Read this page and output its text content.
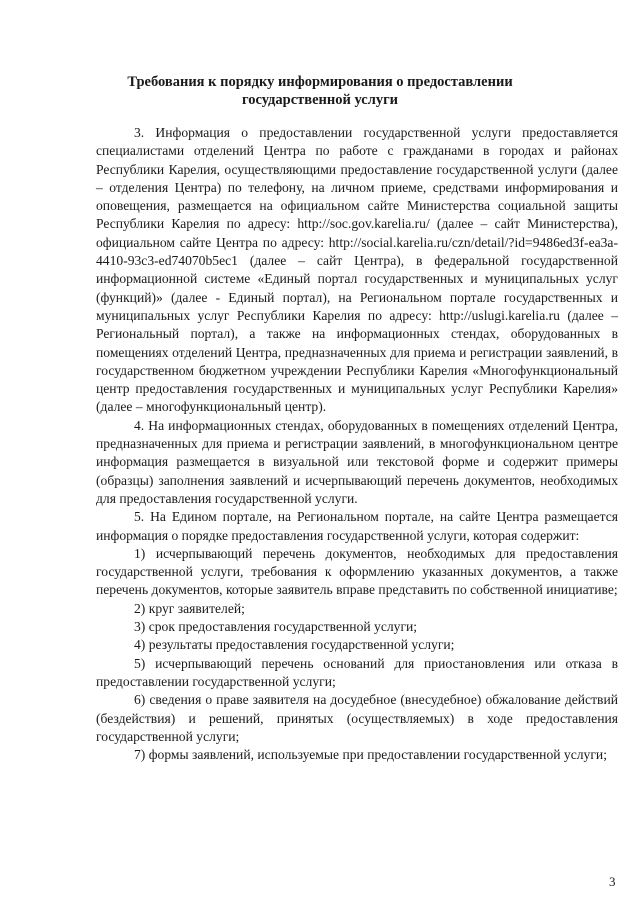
Требования к порядку информирования о предоставлении
государственной услуги

3. Информация о предоставлении государственной услуги предоставляется специалистами отделений Центра по работе с гражданами в городах и районах Республики Карелия, осуществляющими предоставление государственной услуги (далее – отделения Центра) по телефону, на личном приеме, средствами информирования и оповещения, размещается на официальном сайте Министерства социальной защиты Республики Карелия по адресу: http://soc.gov.karelia.ru/ (далее – сайт Министерства), официальном сайте Центра по адресу: http://social.karelia.ru/czn/detail/?id=9486ed3f-ea3a-4410-93c3-ed74070b5ec1 (далее – сайт Центра), в федеральной государственной информационной системе «Единый портал государственных и муниципальных услуг (функций)» (далее - Единый портал), на Региональном портале государственных и муниципальных услуг Республики Карелия по адресу: http://uslugi.karelia.ru (далее – Региональный портал), а также на информационных стендах, оборудованных в помещениях отделений Центра, предназначенных для приема и регистрации заявлений, в государственном бюджетном учреждении Республики Карелия «Многофункциональный центр предоставления государственных и муниципальных услуг Республики Карелия» (далее – многофункциональный центр).

4. На информационных стендах, оборудованных в помещениях отделений Центра, предназначенных для приема и регистрации заявлений, в многофункциональном центре информация размещается в визуальной или текстовой форме и содержит примеры (образцы) заполнения заявлений и исчерпывающий перечень документов, необходимых для предоставления государственной услуги.

5. На Едином портале, на Региональном портале, на сайте Центра размещается информация о порядке предоставления государственной услуги, которая содержит:

1) исчерпывающий перечень документов, необходимых для предоставления государственной услуги, требования к оформлению указанных документов, а также перечень документов, которые заявитель вправе представить по собственной инициативе;

2) круг заявителей;

3) срок предоставления государственной услуги;

4) результаты предоставления государственной услуги;

5) исчерпывающий перечень оснований для приостановления или отказа в предоставлении государственной услуги;

6) сведения о праве заявителя на досудебное (внесудебное) обжалование действий (бездействия) и решений, принятых (осуществляемых) в ходе предоставления государственной услуги;

7) формы заявлений, используемые при предоставлении государственной услуги;

3
